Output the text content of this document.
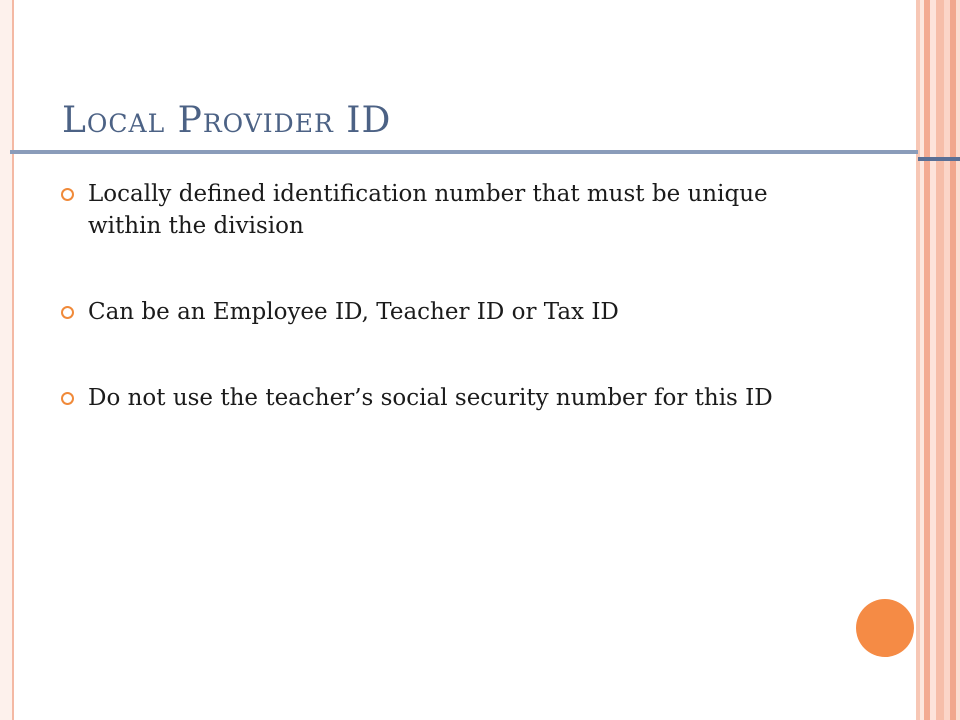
Local Provider ID
Locally defined identification number that must be unique within the division
Can be an Employee ID, Teacher ID or Tax ID
Do not use the teacher’s social security number for this ID
